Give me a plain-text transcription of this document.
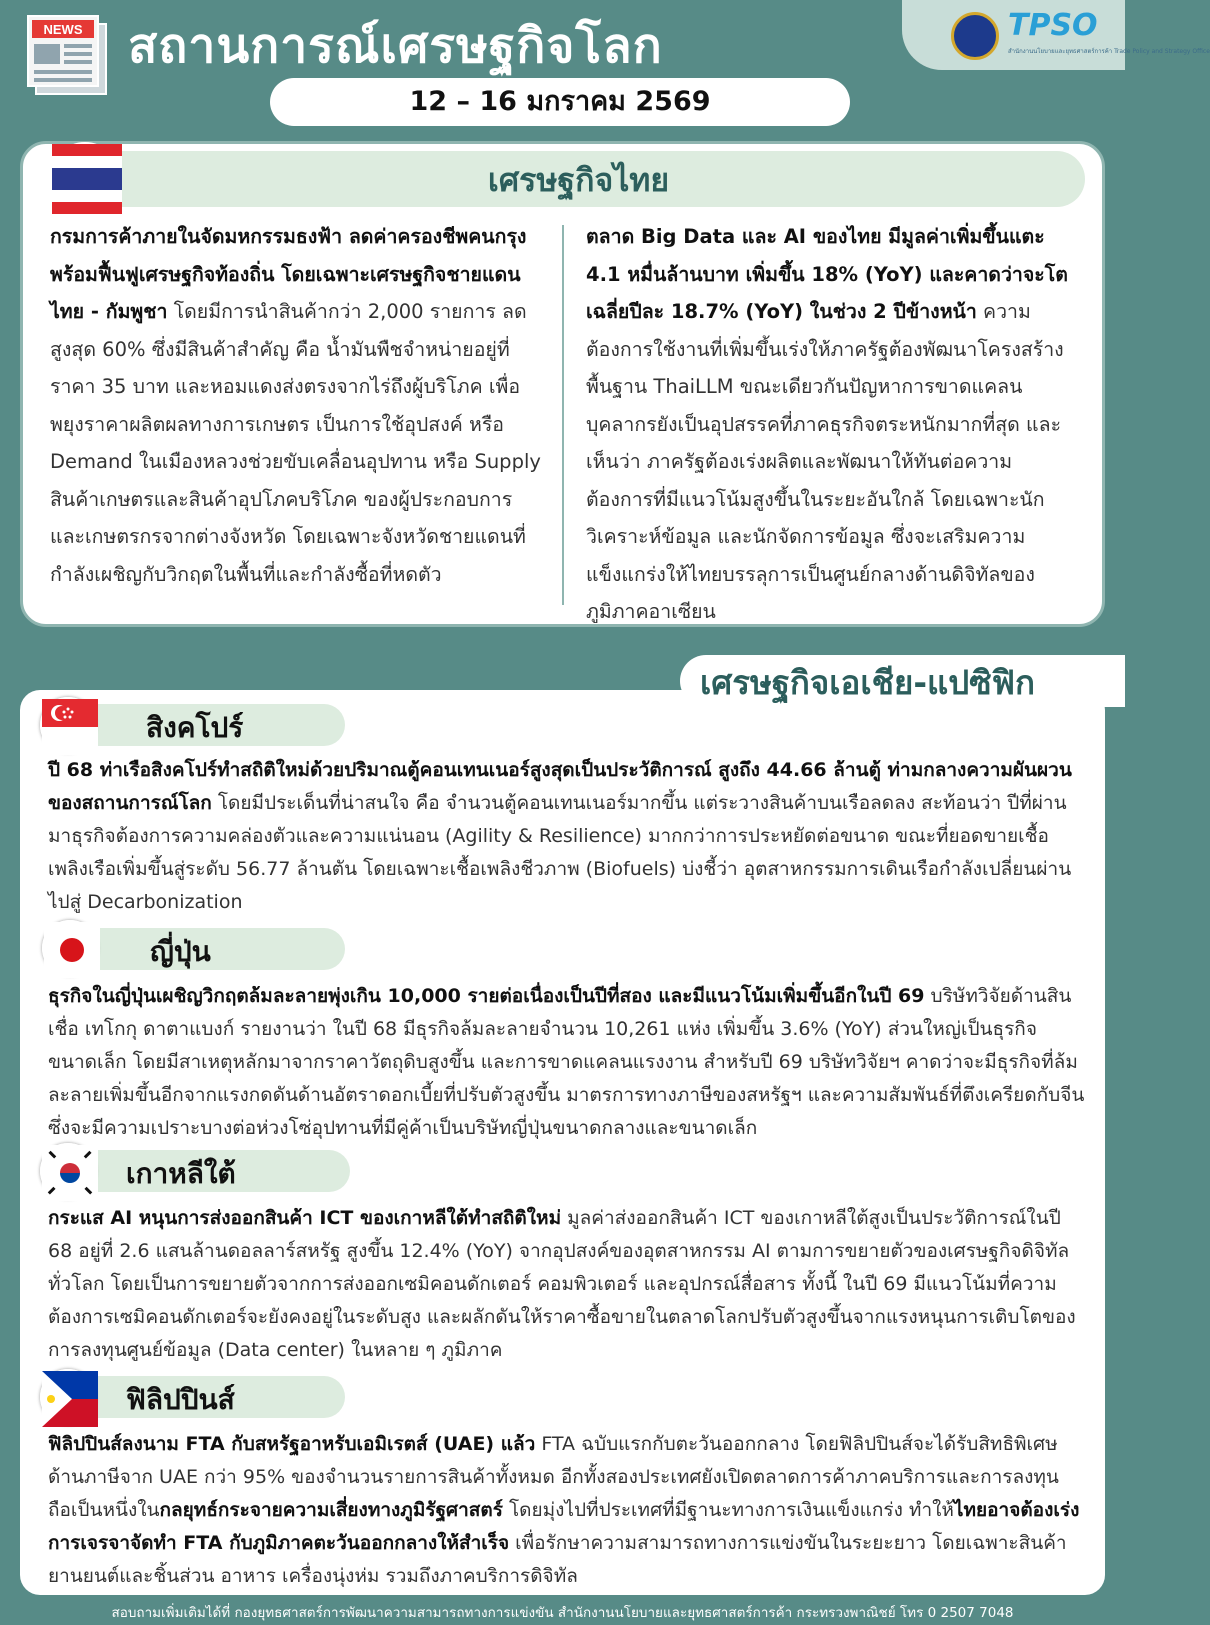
NEWS สถานการณ์เศรษฐกิจโลก	TPSO
สำนักงานนโยบายและยุทธศาสตร์การค้า Trade Policy and Strategy Office
12 – 16 มกราคม 2569
เศรษฐกิจไทย
กรมการค้าภายในจัดมหกรรมธงฟ้า ลดค่าครองชีพคนกรุง พร้อมฟื้นฟูเศรษฐกิจท้องถิ่น โดยเฉพาะเศรษฐกิจชายแดนไทย - กัมพูชา โดยมีการนำสินค้ากว่า 2,000 รายการ ลดสูงสุด 60% ซึ่งมีสินค้าสำคัญ คือ น้ำมันพืชจำหน่ายอยู่ที่ราคา 35 บาท และหอมแดงส่งตรงจากไร่ถึงผู้บริโภค เพื่อพยุงราคาผลิตผลทางการเกษตร เป็นการใช้อุปสงค์ หรือ Demand ในเมืองหลวงช่วยขับเคลื่อนอุปทาน หรือ Supply สินค้าเกษตรและสินค้าอุปโภคบริโภค ของผู้ประกอบการและเกษตรกรจากต่างจังหวัด โดยเฉพาะจังหวัดชายแดนที่กำลังเผชิญกับวิกฤตในพื้นที่และกำลังซื้อที่หดตัว
ตลาด Big Data และ AI ของไทย มีมูลค่าเพิ่มขึ้นแตะ 4.1 หมื่นล้านบาท เพิ่มขึ้น 18% (YoY) และคาดว่าจะโตเฉลี่ยปีละ 18.7% (YoY) ในช่วง 2 ปีข้างหน้า ความต้องการใช้งานที่เพิ่มขึ้นเร่งให้ภาครัฐต้องพัฒนาโครงสร้างพื้นฐาน ThaiLLM ขณะเดียวกันปัญหาการขาดแคลนบุคลากรยังเป็นอุปสรรคที่ภาคธุรกิจตระหนักมากที่สุด และเห็นว่า ภาครัฐต้องเร่งผลิตและพัฒนาให้ทันต่อความต้องการที่มีแนวโน้มสูงขึ้นในระยะอันใกล้ โดยเฉพาะนักวิเคราะห์ข้อมูล และนักจัดการข้อมูล ซึ่งจะเสริมความแข็งแกร่งให้ไทยบรรลุการเป็นศูนย์กลางด้านดิจิทัลของภูมิภาคอาเซียน
เศรษฐกิจเอเชีย-แปซิฟิก
สิงคโปร์
ปี 68 ท่าเรือสิงคโปร์ทำสถิติใหม่ด้วยปริมาณตู้คอนเทนเนอร์สูงสุดเป็นประวัติการณ์ สูงถึง 44.66 ล้านตู้ ท่ามกลางความผันผวนของสถานการณ์โลก โดยมีประเด็นที่น่าสนใจ คือ จำนวนตู้คอนเทนเนอร์มากขึ้น แต่ระวางสินค้าบนเรือลดลง สะท้อนว่า ปีที่ผ่านมาธุรกิจต้องการความคล่องตัวและความแน่นอน (Agility & Resilience) มากกว่าการประหยัดต่อขนาด ขณะที่ยอดขายเชื้อเพลิงเรือเพิ่มขึ้นสู่ระดับ 56.77 ล้านตัน โดยเฉพาะเชื้อเพลิงชีวภาพ (Biofuels) บ่งชี้ว่า อุตสาหกรรมการเดินเรือกำลังเปลี่ยนผ่านไปสู่ Decarbonization
ญี่ปุ่น
ธุรกิจในญี่ปุ่นเผชิญวิกฤตล้มละลายพุ่งเกิน 10,000 รายต่อเนื่องเป็นปีที่สอง และมีแนวโน้มเพิ่มขึ้นอีกในปี 69 บริษัทวิจัยด้านสินเชื่อ เทโกกุ ดาตาแบงก์ รายงานว่า ในปี 68 มีธุรกิจล้มละลายจำนวน 10,261 แห่ง เพิ่มขึ้น 3.6% (YoY) ส่วนใหญ่เป็นธุรกิจขนาดเล็ก โดยมีสาเหตุหลักมาจากราคาวัตถุดิบสูงขึ้น และการขาดแคลนแรงงาน สำหรับปี 69 บริษัทวิจัยฯ คาดว่าจะมีธุรกิจที่ล้มละลายเพิ่มขึ้นอีกจากแรงกดดันด้านอัตราดอกเบี้ยที่ปรับตัวสูงขึ้น มาตรการทางภาษีของสหรัฐฯ และความสัมพันธ์ที่ตึงเครียดกับจีน ซึ่งจะมีความเปราะบางต่อห่วงโซ่อุปทานที่มีคู่ค้าเป็นบริษัทญี่ปุ่นขนาดกลางและขนาดเล็ก
เกาหลีใต้
กระแส AI หนุนการส่งออกสินค้า ICT ของเกาหลีใต้ทำสถิติใหม่ มูลค่าส่งออกสินค้า ICT ของเกาหลีใต้สูงเป็นประวัติการณ์ในปี 68 อยู่ที่ 2.6 แสนล้านดอลลาร์สหรัฐ สูงขึ้น 12.4% (YoY) จากอุปสงค์ของอุตสาหกรรม AI ตามการขยายตัวของเศรษฐกิจดิจิทัลทั่วโลก โดยเป็นการขยายตัวจากการส่งออกเซมิคอนดักเตอร์ คอมพิวเตอร์ และอุปกรณ์สื่อสาร ทั้งนี้ ในปี 69 มีแนวโน้มที่ความต้องการเซมิคอนดักเตอร์จะยังคงอยู่ในระดับสูง และผลักดันให้ราคาซื้อขายในตลาดโลกปรับตัวสูงขึ้นจากแรงหนุนการเติบโตของการลงทุนศูนย์ข้อมูล (Data center) ในหลาย ๆ ภูมิภาค
ฟิลิปปินส์
ฟิลิปปินส์ลงนาม FTA กับสหรัฐอาหรับเอมิเรตส์ (UAE) แล้ว FTA ฉบับแรกกับตะวันออกกลาง โดยฟิลิปปินส์จะได้รับสิทธิพิเศษด้านภาษีจาก UAE กว่า 95% ของจำนวนรายการสินค้าทั้งหมด อีกทั้งสองประเทศยังเปิดตลาดการค้าภาคบริการและการลงทุน ถือเป็นหนึ่งในกลยุทธ์กระจายความเสี่ยงทางภูมิรัฐศาสตร์ โดยมุ่งไปที่ประเทศที่มีฐานะทางการเงินแข็งแกร่ง ทำให้ไทยอาจต้องเร่งการเจรจาจัดทำ FTA กับภูมิภาคตะวันออกกลางให้สำเร็จ เพื่อรักษาความสามารถทางการแข่งขันในระยะยาว โดยเฉพาะสินค้ายานยนต์และชิ้นส่วน อาหาร เครื่องนุ่งห่ม รวมถึงภาคบริการดิจิทัล
สอบถามเพิ่มเติมได้ที่ กองยุทธศาสตร์การพัฒนาความสามารถทางการแข่งขัน สำนักงานนโยบายและยุทธศาสตร์การค้า กระทรวงพาณิชย์ โทร 0 2507 7048
